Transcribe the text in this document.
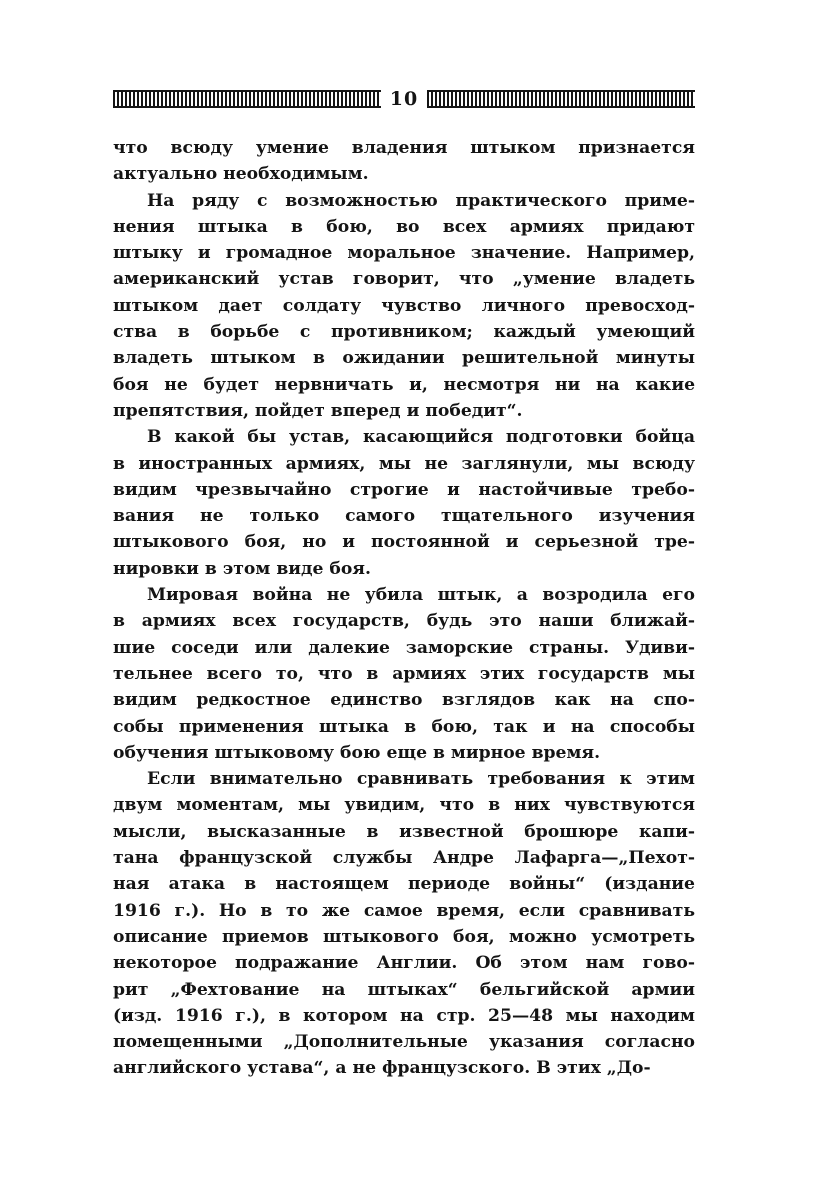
10
что всюду умение владения штыком признается
актуально необходимым.
На ряду с возможностью практического приме-
нения штыка в бою, во всех армиях придают
штыку и громадное моральное значение. Например,
американский устав говорит, что „умение владеть
штыком дает солдату чувство личного превосход-
ства в борьбе с противником; каждый умеющий
владеть штыком в ожидании решительной минуты
боя не будет нервничать и, несмотря ни на какие
препятствия, пойдет вперед и победит“.
В какой бы устав, касающийся подготовки бойца
в иностранных армиях, мы не заглянули, мы всюду
видим чрезвычайно строгие и настойчивые требо-
вания не только самого тщательного изучения
штыкового боя, но и постоянной и серьезной тре-
нировки в этом виде боя.
Мировая война не убила штык, а возродила его
в армиях всех государств, будь это наши ближай-
шие соседи или далекие заморские страны. Удиви-
тельнее всего то, что в армиях этих государств мы
видим редкостное единство взглядов как на спо-
собы применения штыка в бою, так и на способы
обучения штыковому бою еще в мирное время.
Если внимательно сравнивать требования к этим
двум моментам, мы увидим, что в них чувствуются
мысли, высказанные в известной брошюре капи-
тана французской службы Андре Лафарга—„Пехот-
ная атака в настоящем периоде войны“ (издание
1916 г.). Но в то же самое время, если сравнивать
описание приемов штыкового боя, можно усмотреть
некоторое подражание Англии. Об этом нам гово-
рит „Фехтование на штыках“ бельгийской армии
(изд. 1916 г.), в котором на стр. 25—48 мы находим
помещенными „Дополнительные указания согласно
английского устава“, а не французского. В этих „До-
